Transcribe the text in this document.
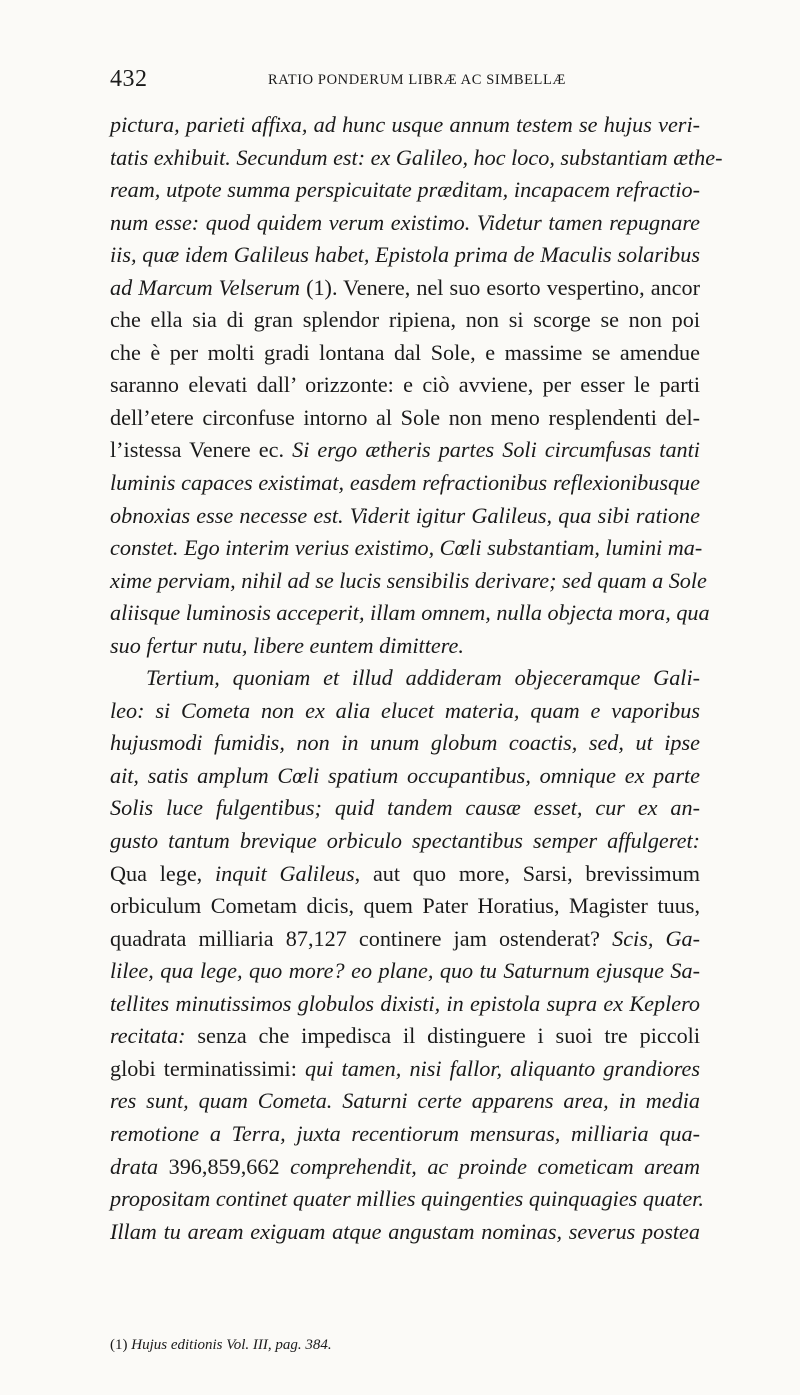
432	RATIO PONDERUM LIBRÆ AC SIMBELLÆ
pictura, parieti affixa, ad hunc usque annum testem se hujus veri-
tatis exhibuit. Secundum est: ex Galileo, hoc loco, substantiam æthe-
ream, utpote summa perspicuitate præditam, incapacem refractio-
num esse: quod quidem verum existimo. Videtur tamen repugnare
iis, quæ idem Galileus habet, Epistola prima de Maculis solaribus
ad Marcum Velserum (1). Venere, nel suo esorto vespertino, ancor
che ella sia di gran splendor ripiena, non si scorge se non poi
che è per molti gradi lontana dal Sole, e massime se amendue
saranno elevati dall’ orizzonte: e ciò avviene, per esser le parti
dell’etere circonfuse intorno al Sole non meno resplendenti del-
l’istessa Venere ec. Si ergo ætheris partes Soli circumfusas tanti
luminis capaces existimat, easdem refractionibus reflexionibusque
obnoxias esse necesse est. Viderit igitur Galileus, qua sibi ratione
constet. Ego interim verius existimo, Cœli substantiam, lumini ma-
xime perviam, nihil ad se lucis sensibilis derivare; sed quam a Sole
aliisque luminosis acceperit, illam omnem, nulla objecta mora, qua
suo fertur nutu, libere euntem dimittere.
Tertium, quoniam et illud addideram objeceramque Gali-
leo: si Cometa non ex alia elucet materia, quam e vaporibus
hujusmodi fumidis, non in unum globum coactis, sed, ut ipse
ait, satis amplum Cœli spatium occupantibus, omnique ex parte
Solis luce fulgentibus; quid tandem causæ esset, cur ex an-
gusto tantum brevique orbiculo spectantibus semper affulgeret:
Qua lege, inquit Galileus, aut quo more, Sarsi, brevissimum
orbiculum Cometam dicis, quem Pater Horatius, Magister tuus,
quadrata milliaria 87,127 continere jam ostenderat? Scis, Ga-
lilee, qua lege, quo more? eo plane, quo tu Saturnum ejusque Sa-
tellites minutissimos globulos dixisti, in epistola supra ex Keplero
recitata: senza che impedisca il distinguere i suoi tre piccoli
globi terminatissimi: qui tamen, nisi fallor, aliquanto grandiores
res sunt, quam Cometa. Saturni certe apparens area, in media
remotione a Terra, juxta recentiorum mensuras, milliaria qua-
drata 396,859,662 comprehendit, ac proinde cometicam aream
propositam continet quater millies quingenties quinquagies quater.
Illam tu aream exiguam atque angustam nominas, severus postea
(1) Hujus editionis Vol. III, pag. 384.
